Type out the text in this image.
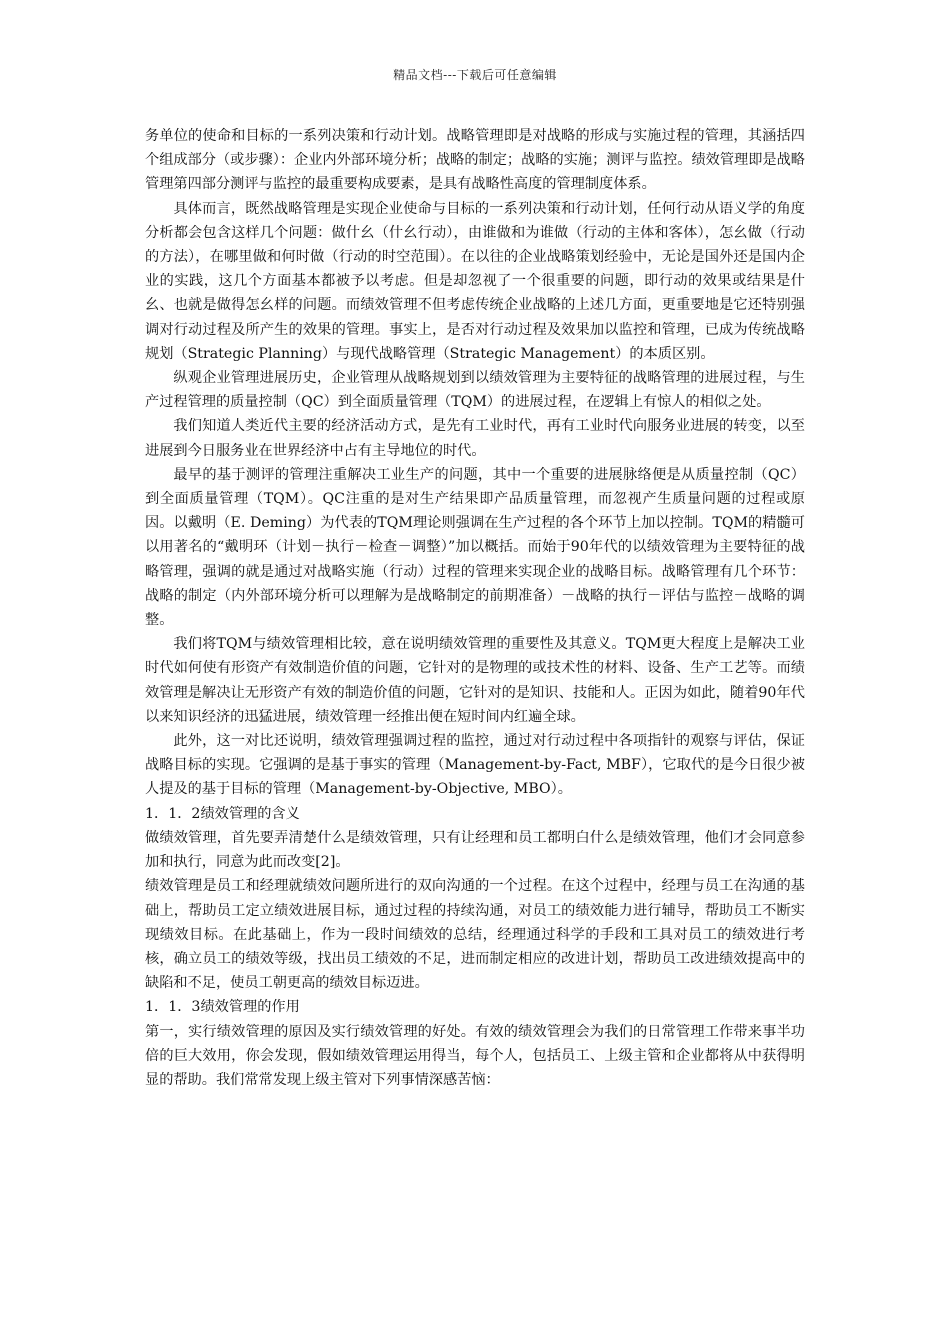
精品文档---下载后可任意编辑

务单位的使命和目标的一系列决策和行动计划。战略管理即是对战略的形成与实施过程的管理，其涵括四个组成部分（或步骤）：企业内外部环境分析；战略的制定；战略的实施；测评与监控。绩效管理即是战略管理第四部分测评与监控的最重要构成要素，是具有战略性高度的管理制度体系。

具体而言，既然战略管理是实现企业使命与目标的一系列决策和行动计划，任何行动从语义学的角度分析都会包含这样几个问题：做什幺（什幺行动），由谁做和为谁做（行动的主体和客体），怎幺做（行动的方法），在哪里做和何时做（行动的时空范围）。在以往的企业战略策划经验中，无论是国外还是国内企业的实践，这几个方面基本都被予以考虑。但是却忽视了一个很重要的问题，即行动的效果或结果是什幺、也就是做得怎幺样的问题。而绩效管理不但考虑传统企业战略的上述几方面，更重要地是它还特别强调对行动过程及所产生的效果的管理。事实上，是否对行动过程及效果加以监控和管理，已成为传统战略规划（Strategic Planning）与现代战略管理（Strategic Management）的本质区别。

纵观企业管理进展历史，企业管理从战略规划到以绩效管理为主要特征的战略管理的进展过程，与生产过程管理的质量控制（QC）到全面质量管理（TQM）的进展过程，在逻辑上有惊人的相似之处。

我们知道人类近代主要的经济活动方式，是先有工业时代，再有工业时代向服务业进展的转变，以至进展到今日服务业在世界经济中占有主导地位的时代。

最早的基于测评的管理注重解决工业生产的问题，其中一个重要的进展脉络便是从质量控制（QC）到全面质量管理（TQM）。QC注重的是对生产结果即产品质量管理，而忽视产生质量问题的过程或原因。以戴明（E. Deming）为代表的TQM理论则强调在生产过程的各个环节上加以控制。TQM的精髓可以用著名的“戴明环（计划－执行－检查－调整）”加以概括。而始于90年代的以绩效管理为主要特征的战略管理，强调的就是通过对战略实施（行动）过程的管理来实现企业的战略目标。战略管理有几个环节：战略的制定（内外部环境分析可以理解为是战略制定的前期准备）－战略的执行－评估与监控－战略的调整。

我们将TQM与绩效管理相比较，意在说明绩效管理的重要性及其意义。TQM更大程度上是解决工业时代如何使有形资产有效制造价值的问题，它针对的是物理的或技术性的材料、设备、生产工艺等。而绩效管理是解决让无形资产有效的制造价值的问题，它针对的是知识、技能和人。正因为如此，随着90年代以来知识经济的迅猛进展，绩效管理一经推出便在短时间内红遍全球。

此外，这一对比还说明，绩效管理强调过程的监控，通过对行动过程中各项指针的观察与评估，保证战略目标的实现。它强调的是基于事实的管理（Management-by-Fact, MBF），它取代的是今日很少被人提及的基于目标的管理（Management-by-Objective, MBO）。

1．1．2绩效管理的含义

做绩效管理，首先要弄清楚什么是绩效管理，只有让经理和员工都明白什么是绩效管理，他们才会同意参加和执行，同意为此而改变[2]。

绩效管理是员工和经理就绩效问题所进行的双向沟通的一个过程。在这个过程中，经理与员工在沟通的基础上，帮助员工定立绩效进展目标，通过过程的持续沟通，对员工的绩效能力进行辅导，帮助员工不断实现绩效目标。在此基础上，作为一段时间绩效的总结，经理通过科学的手段和工具对员工的绩效进行考核，确立员工的绩效等级，找出员工绩效的不足，进而制定相应的改进计划，帮助员工改进绩效提高中的缺陷和不足，使员工朝更高的绩效目标迈进。

1．1．3绩效管理的作用

第一，实行绩效管理的原因及实行绩效管理的好处。有效的绩效管理会为我们的日常管理工作带来事半功倍的巨大效用，你会发现，假如绩效管理运用得当，每个人，包括员工、上级主管和企业都将从中获得明显的帮助。我们常常发现上级主管对下列事情深感苦恼：
